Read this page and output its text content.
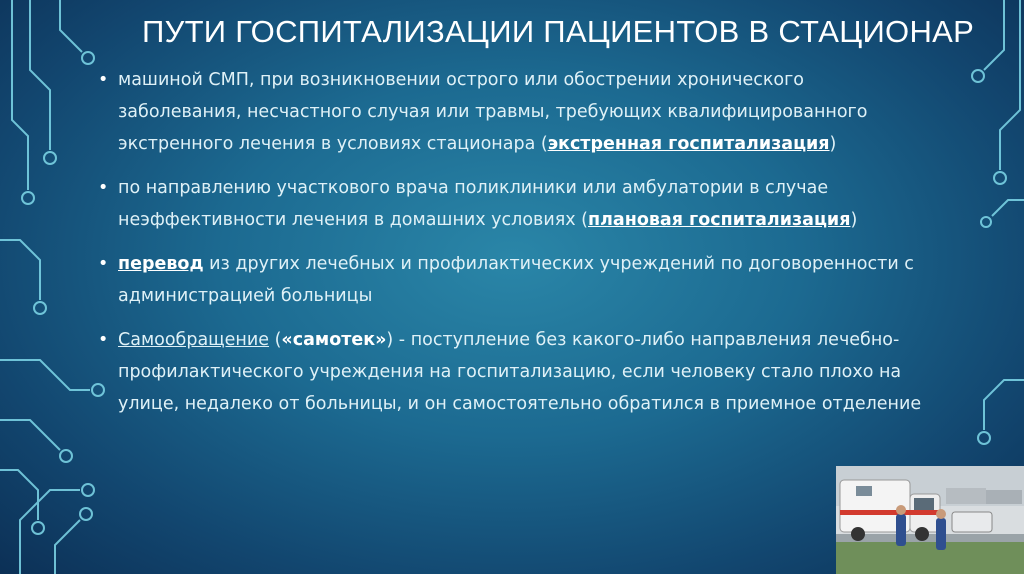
ПУТИ ГОСПИТАЛИЗАЦИИ ПАЦИЕНТОВ В СТАЦИОНАР
• машиной СМП, при возникновении острого или обострении хронического заболевания, несчастного случая или травмы, требующих квалифицированного экстренного лечения в условиях стационара (экстренная госпитализация)
• по направлению участкового врача поликлиники или амбулатории в случае неэффективности лечения в домашних условиях (плановая госпитализация)
• перевод из других лечебных и профилактических учреждений по договоренности с администрацией больницы
• Самообращение («самотек») - поступление без какого-либо направления лечебно-профилактического учреждения на госпитализацию, если человеку стало плохо на улице, недалеко от больницы, и он самостоятельно обратился в приемное отделение
